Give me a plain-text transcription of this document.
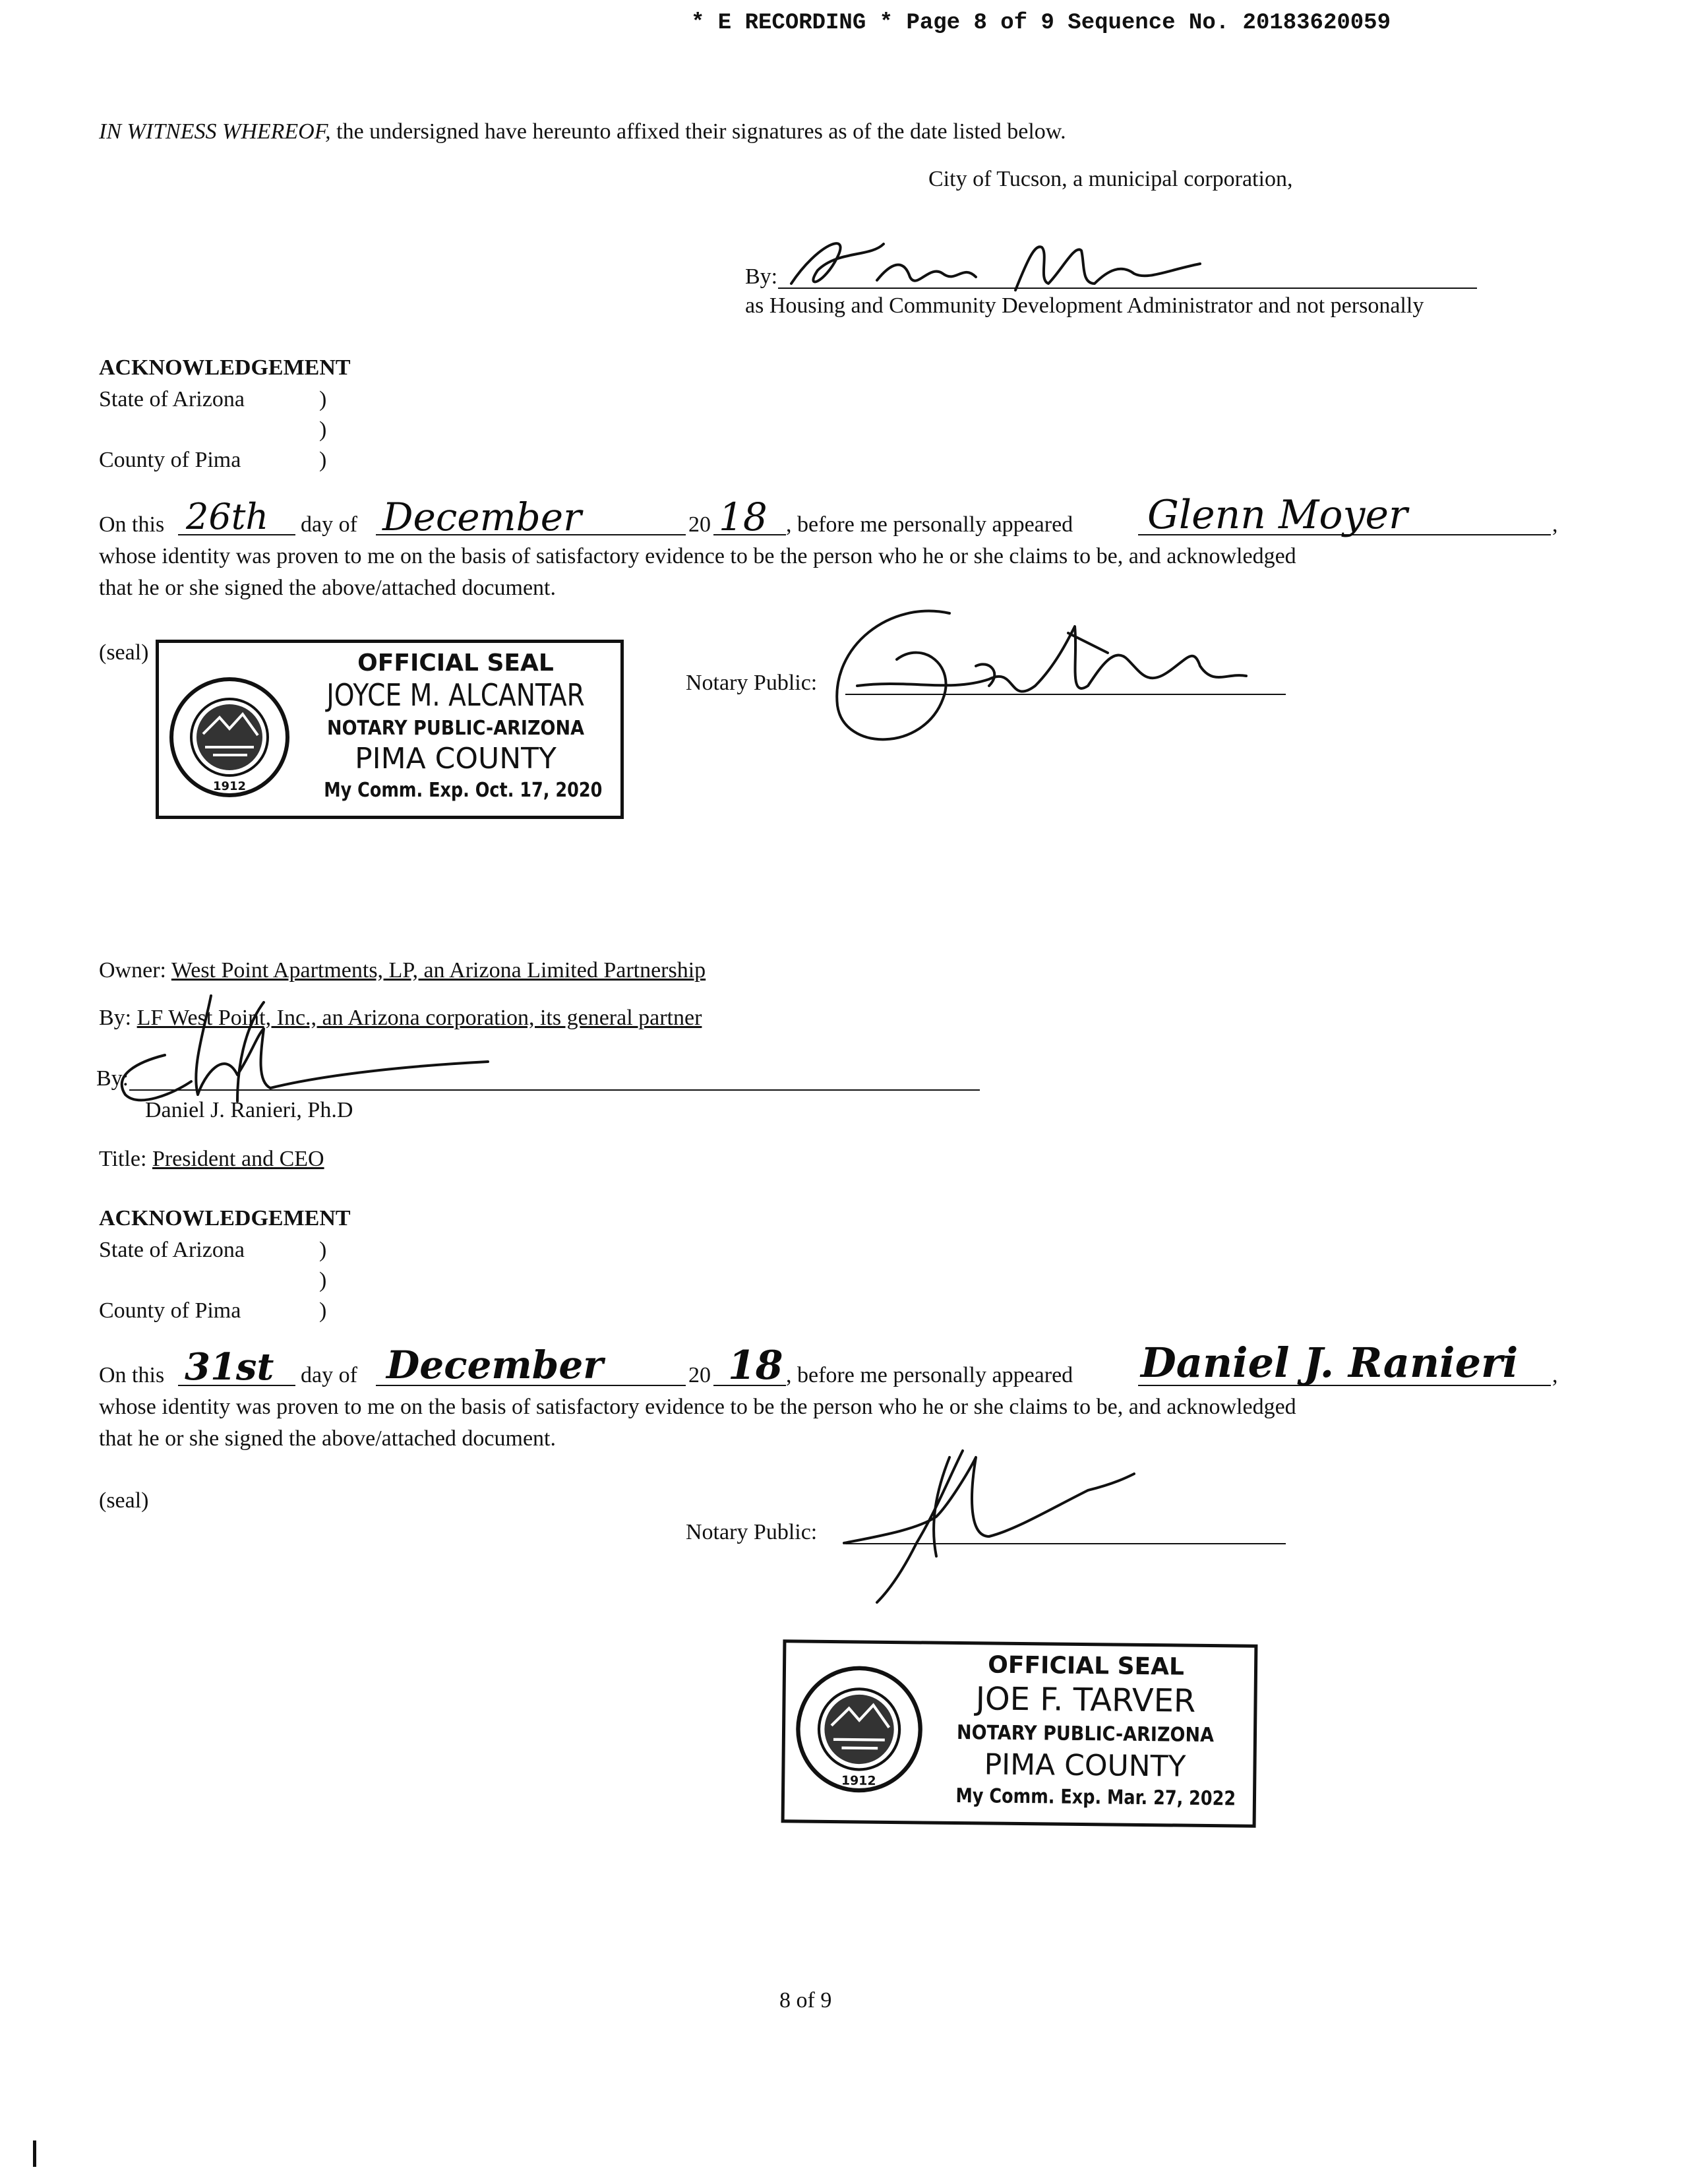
* E RECORDING * Page 8 of 9 Sequence No. 20183620059
IN WITNESS WHEREOF, the undersigned have hereunto affixed their signatures as of the date listed below.
City of Tucson, a municipal corporation,
By:
as Housing and Community Development Administrator and not personally
ACKNOWLEDGEMENT
State of Arizona	)
)
County of Pima	)
On this 26th day of December	20 18 , before me personally appeared Glenn Moyer	,
whose identity was proven to me on the basis of satisfactory evidence to be the person who he or she claims to be, and acknowledged
that he or she signed the above/attached document.
(seal)
1912
OFFICIAL SEAL
JOYCE M. ALCANTAR
NOTARY PUBLIC-ARIZONA
PIMA COUNTY
My Comm. Exp. Oct. 17, 2020
Notary Public:
Owner: West Point Apartments, LP, an Arizona Limited Partnership
By: LF West Point, Inc., an Arizona corporation, its general partner
By:
Daniel J. Ranieri, Ph.D
Title: President and CEO
ACKNOWLEDGEMENT
State of Arizona	)
)
County of Pima	)
On this 31st day of December	20 18 , before me personally appeared Daniel J. Ranieri ,
whose identity was proven to me on the basis of satisfactory evidence to be the person who he or she claims to be, and acknowledged
that he or she signed the above/attached document.
(seal)
Notary Public:
1912
OFFICIAL SEAL
JOE F. TARVER
NOTARY PUBLIC-ARIZONA
PIMA COUNTY
My Comm. Exp. Mar. 27, 2022
8 of 9
